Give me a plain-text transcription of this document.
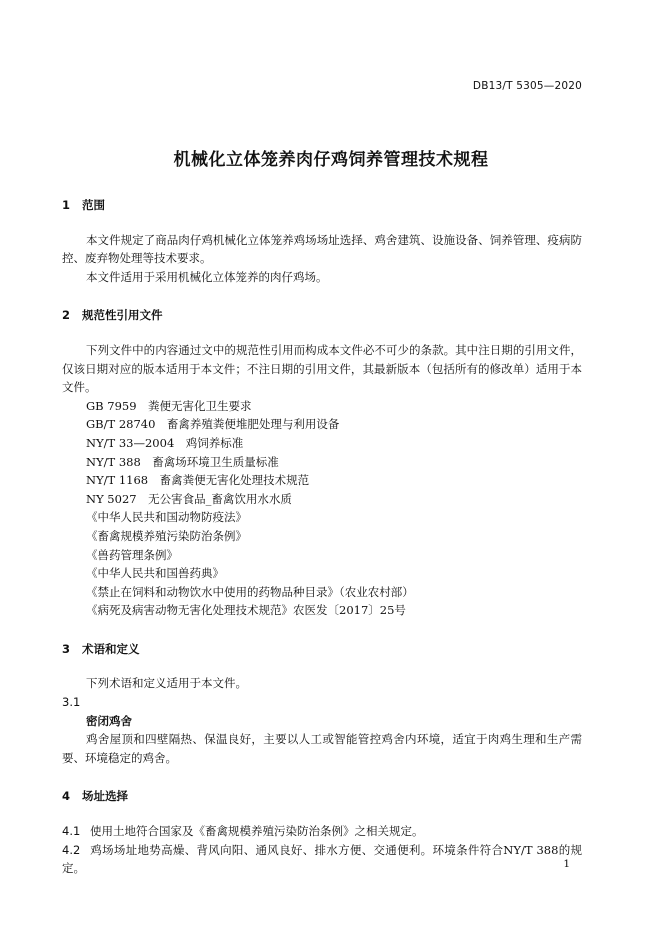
DB13/T 5305—2020
机械化立体笼养肉仔鸡饲养管理技术规程
1	范围

本文件规定了商品肉仔鸡机械化立体笼养鸡场场址选择、鸡舍建筑、设施设备、饲养管理、疫病防控、废弃物处理等技术要求。

本文件适用于采用机械化立体笼养的肉仔鸡场。

2	规范性引用文件

下列文件中的内容通过文中的规范性引用而构成本文件必不可少的条款。其中注日期的引用文件，仅该日期对应的版本适用于本文件；不注日期的引用文件，其最新版本（包括所有的修改单）适用于本文件。

GB 7959　粪便无害化卫生要求

GB/T 28740　畜禽养殖粪便堆肥处理与利用设备

NY/T 33—2004　鸡饲养标准

NY/T 388　畜禽场环境卫生质量标准

NY/T 1168　畜禽粪便无害化处理技术规范

NY 5027　无公害食品_畜禽饮用水水质

《中华人民共和国动物防疫法》

《畜禽规模养殖污染防治条例》

《兽药管理条例》

《中华人民共和国兽药典》

《禁止在饲料和动物饮水中使用的药物品种目录》（农业农村部）

《病死及病害动物无害化处理技术规范》农医发〔2017〕25号

3	术语和定义

下列术语和定义适用于本文件。

3.1

密闭鸡舍

鸡舍屋顶和四壁隔热、保温良好，主要以人工或智能管控鸡舍内环境，适宜于肉鸡生理和生产需要、环境稳定的鸡舍。

4	场址选择

4.1 使用土地符合国家及《畜禽规模养殖污染防治条例》之相关规定。

4.2 鸡场场址地势高燥、背风向阳、通风良好、排水方便、交通便利。环境条件符合NY/T 388的规定。	1
